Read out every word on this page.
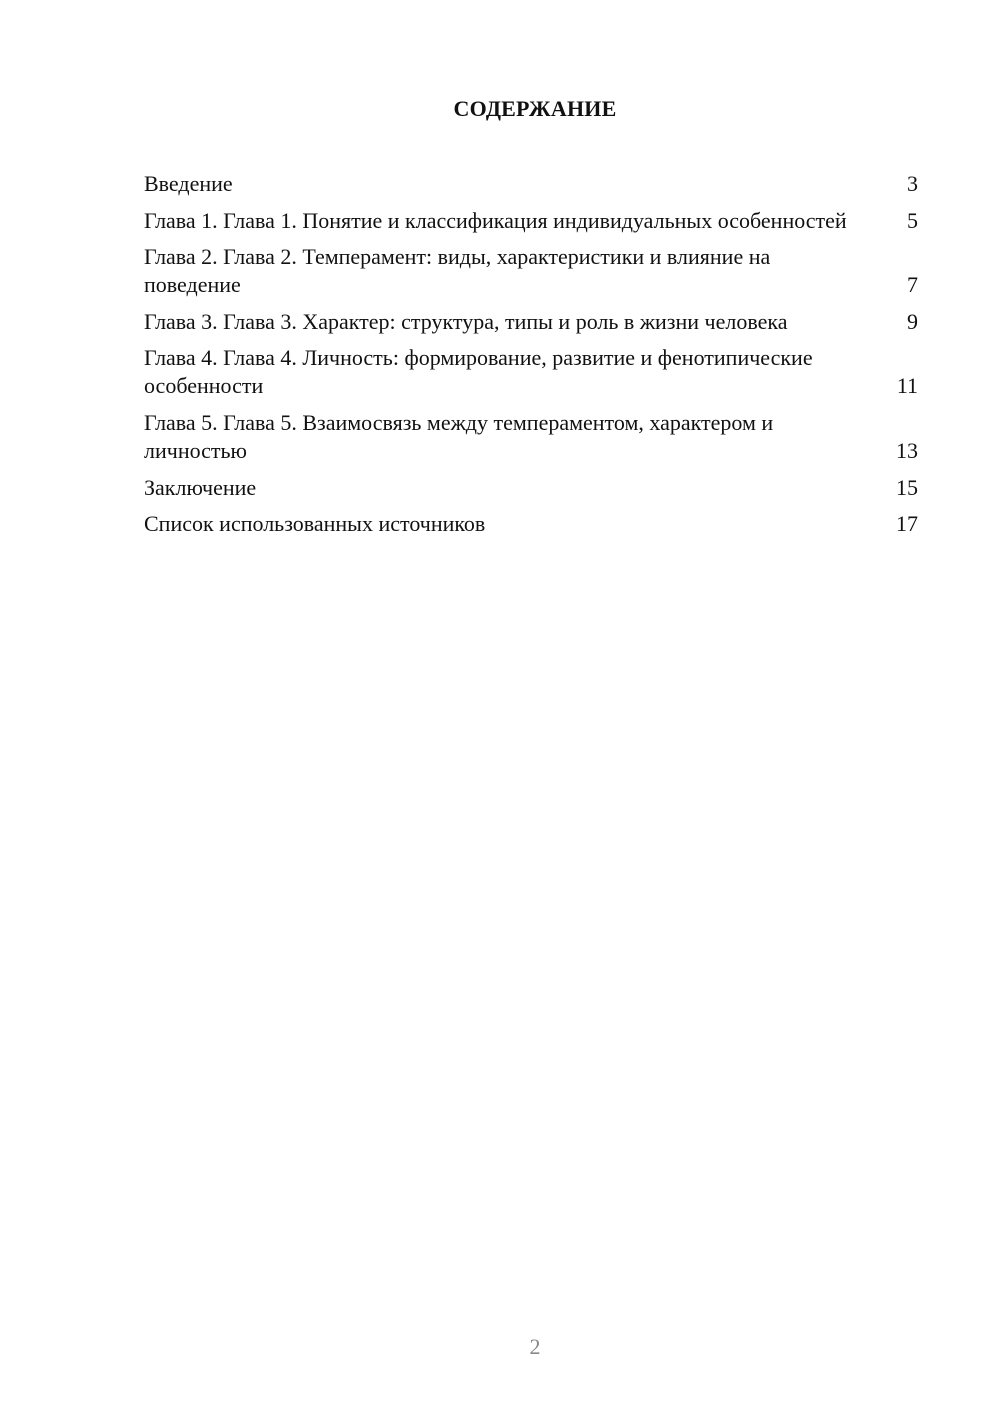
СОДЕРЖАНИЕ
Введение	3
Глава 1. Глава 1. Понятие и классификация индивидуальных особенностей	5
Глава 2. Глава 2. Темперамент: виды, характеристики и влияние на поведение	7
Глава 3. Глава 3. Характер: структура, типы и роль в жизни человека	9
Глава 4. Глава 4. Личность: формирование, развитие и фенотипические особенности	11
Глава 5. Глава 5. Взаимосвязь между темпераментом, характером и личностью	13
Заключение	15
Список использованных источников	17
2
